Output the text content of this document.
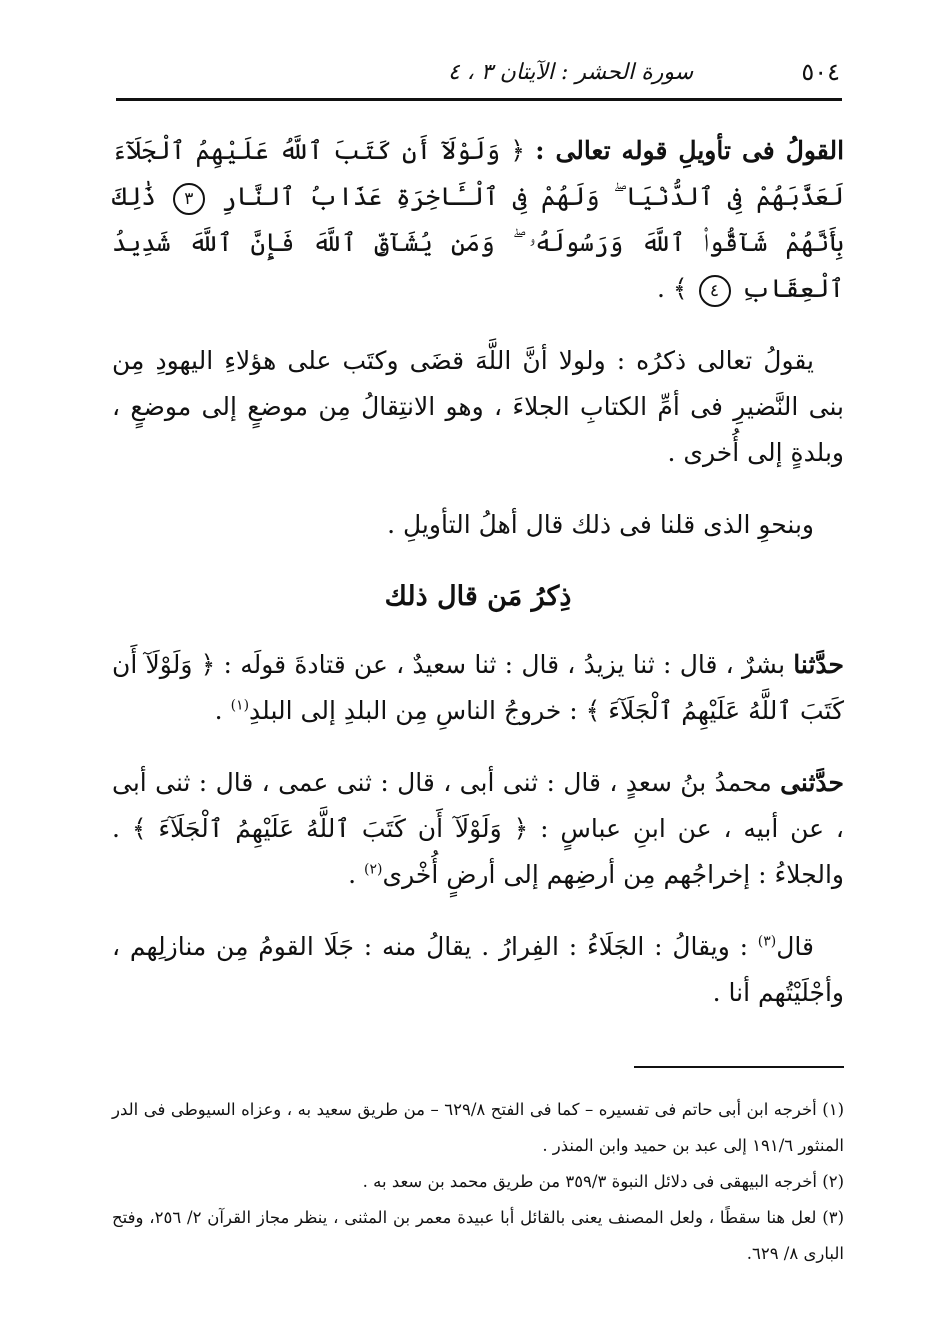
٥٠٤
سورة الحشر : الآيتان ٣ ، ٤

القولُ فى تأويلِ قوله تعالى : ﴿ وَلَوْلَآ أَن كَتَبَ ٱللَّهُ عَلَيْهِمُ ٱلْجَلَآءَ لَعَذَّبَهُمْ فِى ٱلدُّنْيَا ۖ وَلَهُمْ فِى ٱلْـَٔاخِرَةِ عَذَابُ ٱلنَّارِ ٣ ذَٰلِكَ بِأَنَّهُمْ شَآقُّوا۟ ٱللَّهَ وَرَسُولَهُۥ ۖ وَمَن يُشَآقِّ ٱللَّهَ فَإِنَّ ٱللَّهَ شَدِيدُ ٱلْعِقَابِ ٤ ﴾ .

يقولُ تعالى ذكرُه : ولولا أنَّ اللَّهَ قضَى وكتَب على هؤلاءِ اليهودِ مِن بنى النَّضيرِ فى أمِّ الكتابِ الجلاءَ ، وهو الانتِقالُ مِن موضعٍ إلى موضعٍ ، وبلدةٍ إلى أُخرى .

وبنحوِ الذى قلنا فى ذلك قال أهلُ التأويلِ .

ذِكرُ مَن قال ذلك

حدَّثنا بشرٌ ، قال : ثنا يزيدُ ، قال : ثنا سعيدٌ ، عن قتادةَ قولَه : ﴿ وَلَوْلَآ أَن كَتَبَ ٱللَّهُ عَلَيْهِمُ ٱلْجَلَآءَ ﴾ : خروجُ الناسِ مِن البلدِ إلى البلدِ$^{(١)}$ .

حدَّثنى محمدُ بنُ سعدٍ ، قال : ثنى أبى ، قال : ثنى عمى ، قال : ثنى أبى ، عن أبيه ، عن ابنِ عباسٍ : ﴿ وَلَوْلَآ أَن كَتَبَ ٱللَّهُ عَلَيْهِمُ ٱلْجَلَآءَ ﴾ . والجلاءُ : إخراجُهم مِن أرضِهم إلى أرضٍ أُخْرى$^{(٢)}$ .

قال$^{(٣)}$ : ويقالُ : الجَلَاءُ : الفِرارُ . يقالُ منه : جَلَا القومُ مِن منازلِهم ، وأجْلَيْتُهم أنا .

(١) أخرجه ابن أبى حاتم فى تفسيره – كما فى الفتح ٦٢٩/٨ – من طريق سعيد به ، وعزاه السيوطى فى الدر المنثور ١٩١/٦ إلى عبد بن حميد وابن المنذر .

(٢) أخرجه البيهقى فى دلائل النبوة ٣٥٩/٣ من طريق محمد بن سعد به .

(٣) لعل هنا سقطًا ، ولعل المصنف يعنى بالقائل أبا عبيدة معمر بن المثنى ، ينظر مجاز القرآن ٢/ ٢٥٦، وفتح البارى ٨/ ٦٢٩.
